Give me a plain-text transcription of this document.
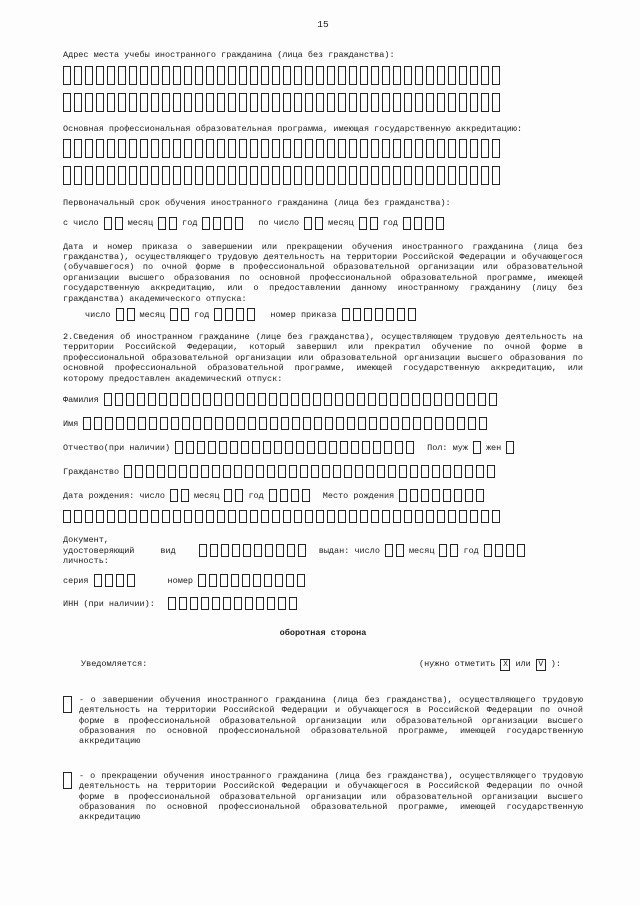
15
Адрес места учебы иностранного гражданина (лица без гражданства):
Основная профессиональная образовательная программа, имеющая государственную аккредитацию:
Первоначальный срок обучения иностранного гражданина (лица без гражданства):
с число	месяц	год	по число	месяц	год
Дата и номер приказа о завершении или прекращении обучения иностранного гражданина (лица без гражданства), осуществляющего трудовую деятельность на территории Российской Федерации и обучающегося (обучавшегося) по очной форме в профессиональной образовательной организации или образовательной организации высшего образования по основной профессиональной образовательной программе, имеющей государственную аккредитацию, или о предоставлении данному иностранному гражданину (лицу без гражданства) академического отпуска:
число	месяц	год	номер приказа
2.Сведения об иностранном гражданине (лице без гражданства), осуществляющем трудовую деятельность на территории Российской Федерации, который завершил или прекратил обучение по очной форме в профессиональной образовательной организации или образовательной организации высшего образования по основной профессиональной образовательной программе, имеющей государственную аккредитацию, или которому предоставлен академический отпуск:
Фамилия
Имя
Отчество(при наличии)	Пол: муж жен
Гражданство
Дата рождения: число	месяц	год	Место рождения
Документ,
удостоверяющий
личность:
вид	выдан: число	месяц	год
серия	номер
ИНН (при наличии):
оборотная сторона
Уведомляется:	(нужно отметить X или V ):
- о завершении обучения иностранного гражданина (лица без гражданства), осуществляющего трудовую деятельность на территории Российской Федерации и обучающегося в Российской Федерации по очной форме в профессиональной образовательной организации или образовательной организации высшего образования по основной профессиональной образовательной программе, имеющей государственную аккредитацию
- о прекращении обучения иностранного гражданина (лица без гражданства), осуществляющего трудовую деятельность на территории Российской Федерации и обучающегося в Российской Федерации по очной форме в профессиональной образовательной организации или образовательной организации высшего образования по основной профессиональной образовательной программе, имеющей государственную аккредитацию
